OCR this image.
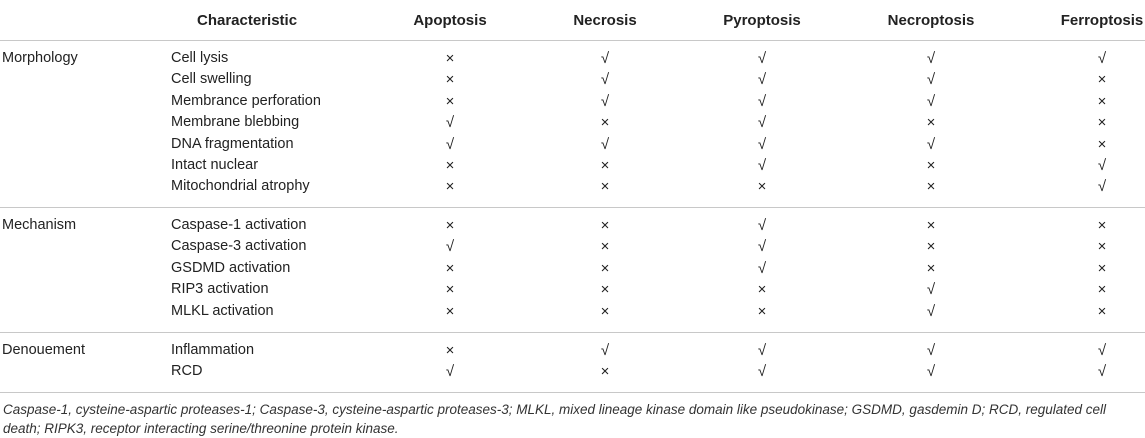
Characteristic	Apoptosis	Necrosis	Pyroptosis	Necroptosis	Ferroptosis
Morphology	Cell lysis	×	√	√	√	√
Cell swelling	×	√	√	√	×
Membrance perforation	×	√	√	√	×
Membrane blebbing	√	×	√	×	×
DNA fragmentation	√	√	√	√	×
Intact nuclear	×	×	√	×	√
Mitochondrial atrophy	×	×	×	×	√
Mechanism	Caspase-1 activation	×	×	√	×	×
Caspase-3 activation	√	×	√	×	×
GSDMD activation	×	×	√	×	×
RIP3 activation	×	×	×	√	×
MLKL activation	×	×	×	√	×
Denouement	Inflammation	×	√	√	√	√
RCD	√	×	√	√	√
Caspase-1, cysteine-aspartic proteases-1; Caspase-3, cysteine-aspartic proteases-3; MLKL, mixed lineage kinase domain like pseudokinase; GSDMD, gasdemin D; RCD, regulated cell death; RIPK3, receptor interacting serine/threonine protein kinase.
